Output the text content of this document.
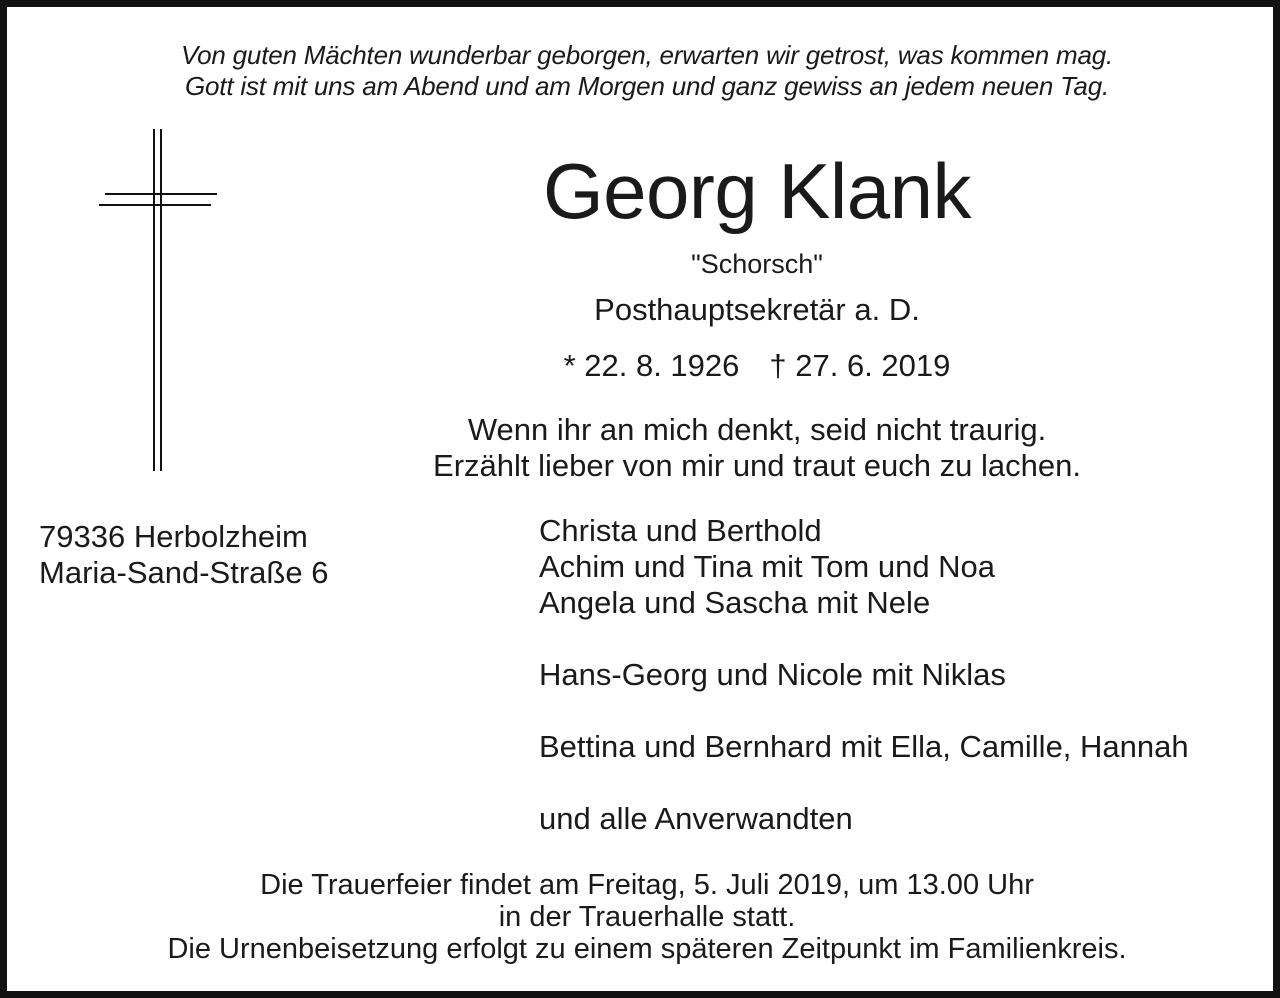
Von guten Mächten wunderbar geborgen, erwarten wir getrost, was kommen mag.
Gott ist mit uns am Abend und am Morgen und ganz gewiss an jedem neuen Tag.
Georg Klank
"Schorsch"
Posthauptsekretär a. D.
* 22. 8. 1926 † 27. 6. 2019
Wenn ihr an mich denkt, seid nicht traurig.
Erzählt lieber von mir und traut euch zu lachen.
79336 Herbolzheim
Maria-Sand-Straße 6
Christa und Berthold
Achim und Tina mit Tom und Noa
Angela und Sascha mit Nele
Hans-Georg und Nicole mit Niklas
Bettina und Bernhard mit Ella, Camille, Hannah
und alle Anverwandten
Die Trauerfeier findet am Freitag, 5. Juli 2019, um 13.00 Uhr
in der Trauerhalle statt.
Die Urnenbeisetzung erfolgt zu einem späteren Zeitpunkt im Familienkreis.
